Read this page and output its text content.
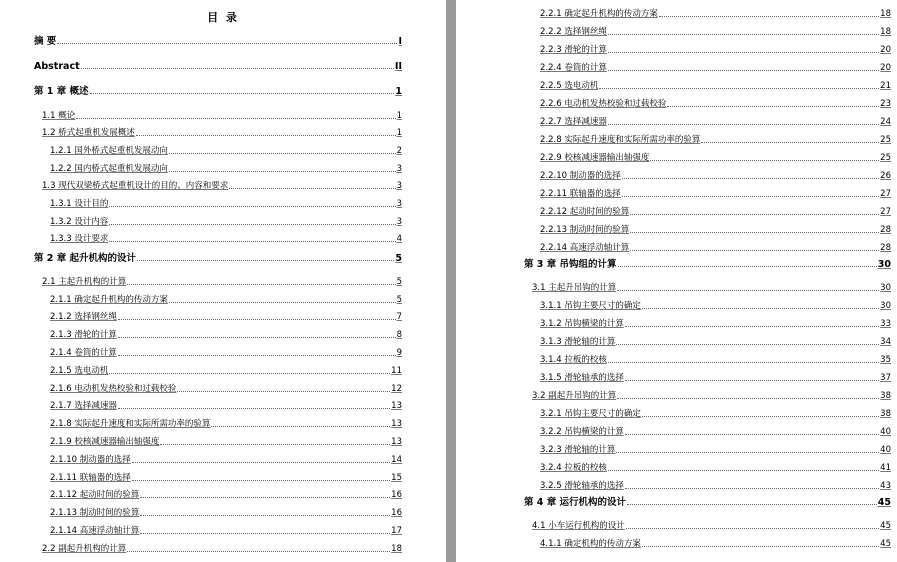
目 录
摘 要	I
Abstract	II
第 1 章 概述	1
1.1 概论	1
1.2 桥式起重机发展概述	1
1.2.1 国外桥式起重机发展动向	2
1.2.2 国内桥式起重机发展动向	3
1.3 现代双梁桥式起重机设计的目的、内容和要求	3
1.3.1 设计目的	3
1.3.2 设计内容	3
1.3.3 设计要求	4
第 2 章 起升机构的设计	5
2.1 主起升机构的计算	5
2.1.1 确定起升机构的传动方案	5
2.1.2 选择钢丝绳	7
2.1.3 滑轮的计算	8
2.1.4 卷筒的计算	9
2.1.5 选电动机	11
2.1.6 电动机发热校验和过载校验	12
2.1.7 选择减速器	13
2.1.8 实际起升速度和实际所需功率的验算	13
2.1.9 校核减速器输出轴强度	13
2.1.10 制动器的选择	14
2.1.11 联轴器的选择	15
2.1.12 起动时间的验算	16
2.1.13 制动时间的验算	16
2.1.14 高速浮动轴计算	17
2.2 副起升机构的计算	18
2.2.1 确定起升机构的传动方案	18
2.2.2 选择钢丝绳	18
2.2.3 滑轮的计算	20
2.2.4 卷筒的计算	20
2.2.5 选电动机	21
2.2.6 电动机发热校验和过载校验	23
2.2.7 选择减速器	24
2.2.8 实际起升速度和实际所需功率的验算	25
2.2.9 校核减速器输出轴强度	25
2.2.10 制动器的选择	26
2.2.11 联轴器的选择	27
2.2.12 起动时间的验算	27
2.2.13 制动时间的验算	28
2.2.14 高速浮动轴计算	28
第 3 章 吊钩组的计算	30
3.1 主起升吊钩的计算	30
3.1.1 吊钩主要尺寸的确定	30
3.1.2 吊钩横梁的计算	33
3.1.3 滑轮轴的计算	34
3.1.4 拉板的校核	35
3.1.5 滑轮轴承的选择	37
3.2 副起升吊钩的计算	38
3.2.1 吊钩主要尺寸的确定	38
3.2.2 吊钩横梁的计算	40
3.2.3 滑轮轴的计算	40
3.2.4 拉板的校核	41
3.2.5 滑轮轴承的选择	43
第 4 章 运行机构的设计	45
4.1 小车运行机构的设计	45
4.1.1 确定机构的传动方案	45
